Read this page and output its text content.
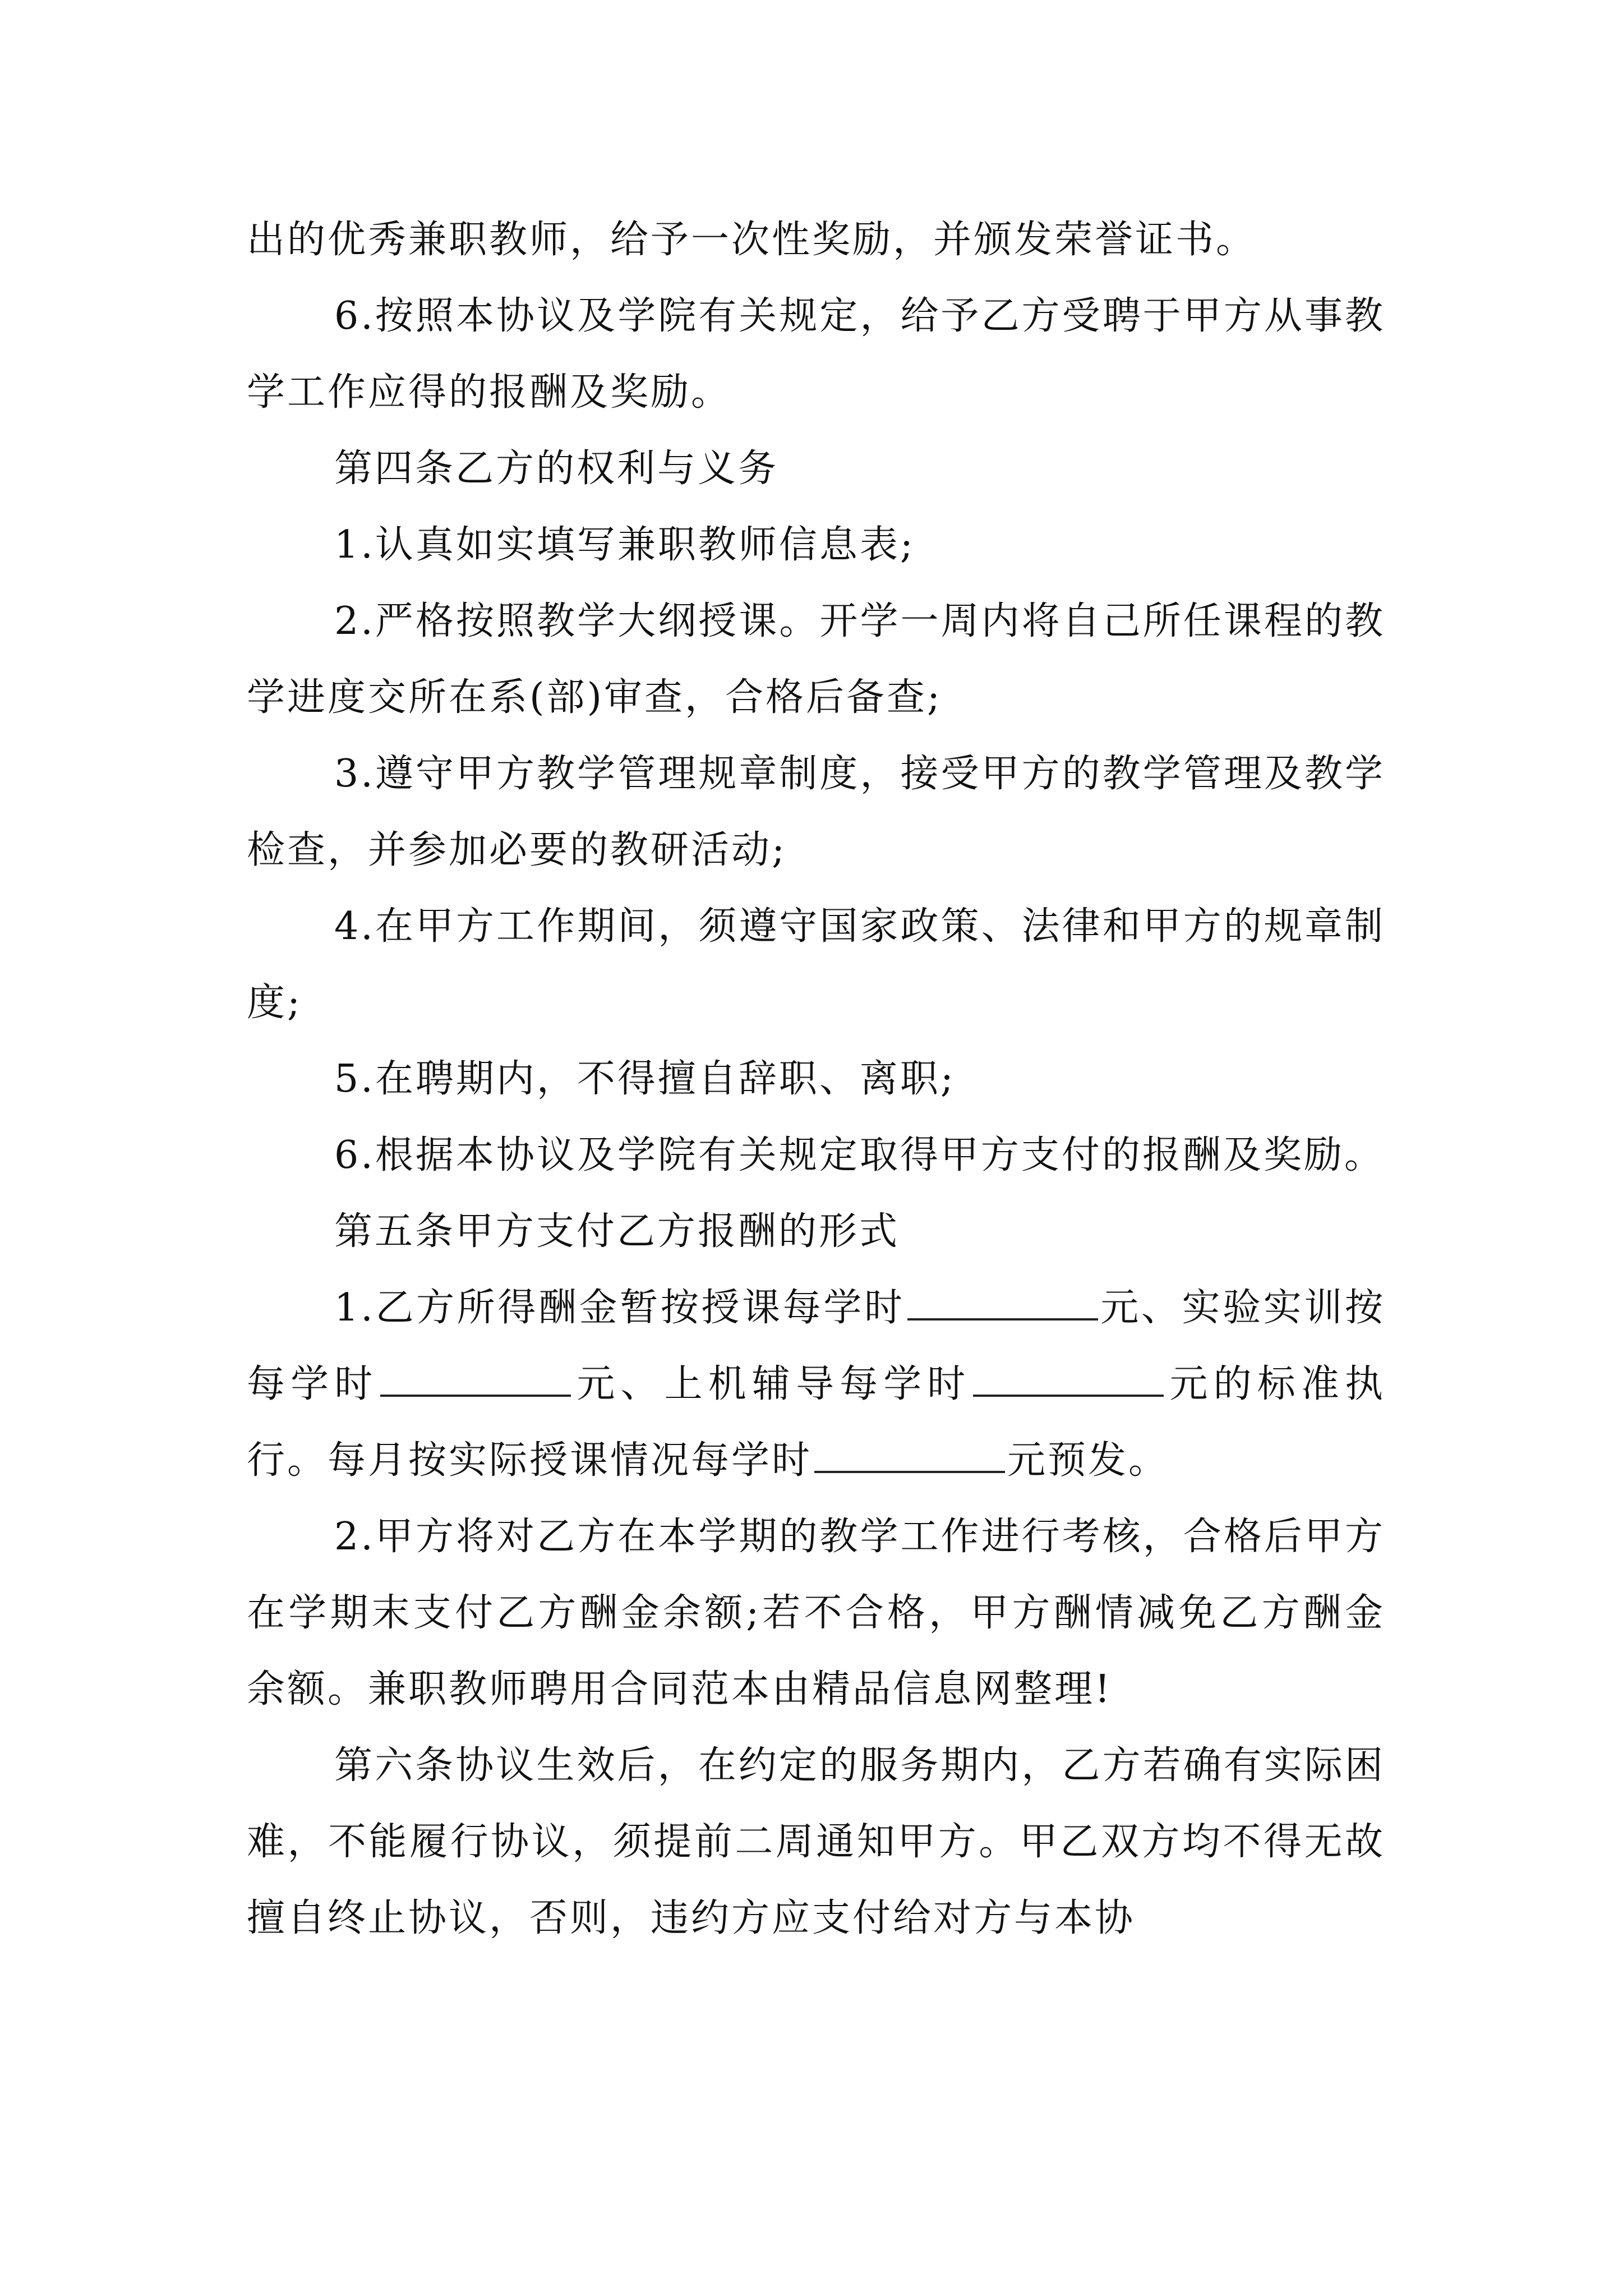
出的优秀兼职教师，给予一次性奖励，并颁发荣誉证书。

6.按照本协议及学院有关规定，给予乙方受聘于甲方从事教学工作应得的报酬及奖励。

第四条乙方的权利与义务

1.认真如实填写兼职教师信息表;

2.严格按照教学大纲授课。开学一周内将自己所任课程的教学进度交所在系(部)审查，合格后备查;

3.遵守甲方教学管理规章制度，接受甲方的教学管理及教学检查，并参加必要的教研活动;

4.在甲方工作期间，须遵守国家政策、法律和甲方的规章制度;

5.在聘期内，不得擅自辞职、离职;

6.根据本协议及学院有关规定取得甲方支付的报酬及奖励。

第五条甲方支付乙方报酬的形式

1.乙方所得酬金暂按授课每学时	元、实验实训按每学时	元、上机辅导每学时	元的标准执行。每月按实际授课情况每学时	元预发。

2.甲方将对乙方在本学期的教学工作进行考核，合格后甲方在学期末支付乙方酬金余额;若不合格，甲方酬情减免乙方酬金余额。兼职教师聘用合同范本由精品信息网整理!

第六条协议生效后，在约定的服务期内，乙方若确有实际困难，不能履行协议，须提前二周通知甲方。甲乙双方均不得无故擅自终止协议，否则，违约方应支付给对方与本协
